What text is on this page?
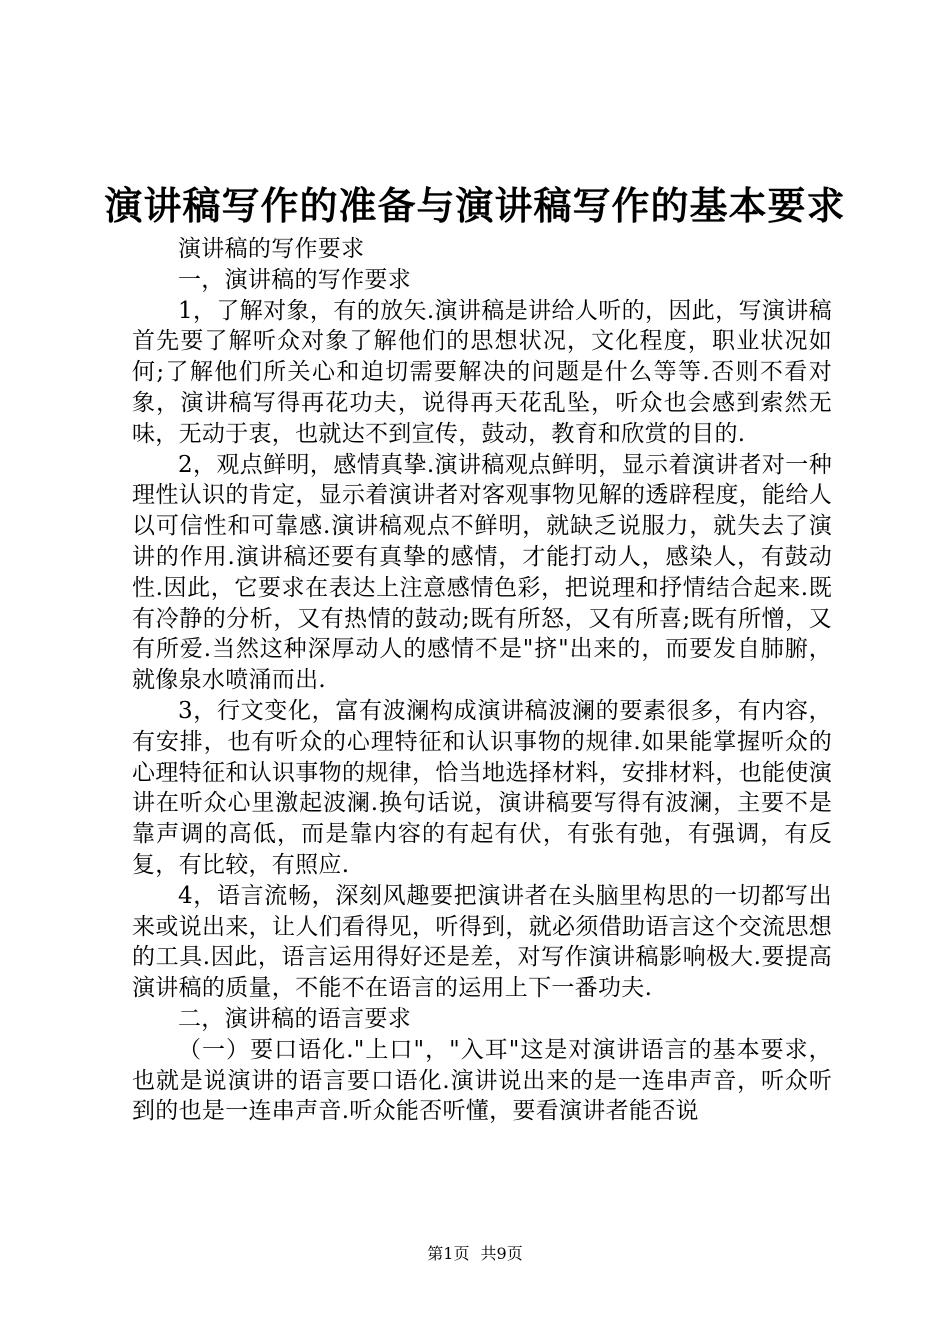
演讲稿写作的准备与演讲稿写作的基本要求

演讲稿的写作要求

一，演讲稿的写作要求

1，了解对象，有的放矢.演讲稿是讲给人听的，因此，写演讲稿首先要了解听众对象了解他们的思想状况，文化程度，职业状况如何;了解他们所关心和迫切需要解决的问题是什么等等.否则不看对象，演讲稿写得再花功夫，说得再天花乱坠，听众也会感到索然无味，无动于衷，也就达不到宣传，鼓动，教育和欣赏的目的.

2，观点鲜明，感情真挚.演讲稿观点鲜明，显示着演讲者对一种理性认识的肯定，显示着演讲者对客观事物见解的透辟程度，能给人以可信性和可靠感.演讲稿观点不鲜明，就缺乏说服力，就失去了演讲的作用.演讲稿还要有真挚的感情，才能打动人，感染人，有鼓动性.因此，它要求在表达上注意感情色彩，把说理和抒情结合起来.既有冷静的分析，又有热情的鼓动;既有所怒，又有所喜;既有所憎，又有所爱.当然这种深厚动人的感情不是"挤"出来的，而要发自肺腑，就像泉水喷涌而出.

3，行文变化，富有波澜构成演讲稿波澜的要素很多，有内容，有安排，也有听众的心理特征和认识事物的规律.如果能掌握听众的心理特征和认识事物的规律，恰当地选择材料，安排材料，也能使演讲在听众心里激起波澜.换句话说，演讲稿要写得有波澜，主要不是靠声调的高低，而是靠内容的有起有伏，有张有弛，有强调，有反复，有比较，有照应.

4，语言流畅，深刻风趣要把演讲者在头脑里构思的一切都写出来或说出来，让人们看得见，听得到，就必须借助语言这个交流思想的工具.因此，语言运用得好还是差，对写作演讲稿影响极大.要提高演讲稿的质量，不能不在语言的运用上下一番功夫.

二，演讲稿的语言要求

（一）要口语化."上口"，"入耳"这是对演讲语言的基本要求，也就是说演讲的语言要口语化.演讲说出来的是一连串声音，听众听到的也是一连串声音.听众能否听懂，要看演讲者能否说

第1页 共9页
